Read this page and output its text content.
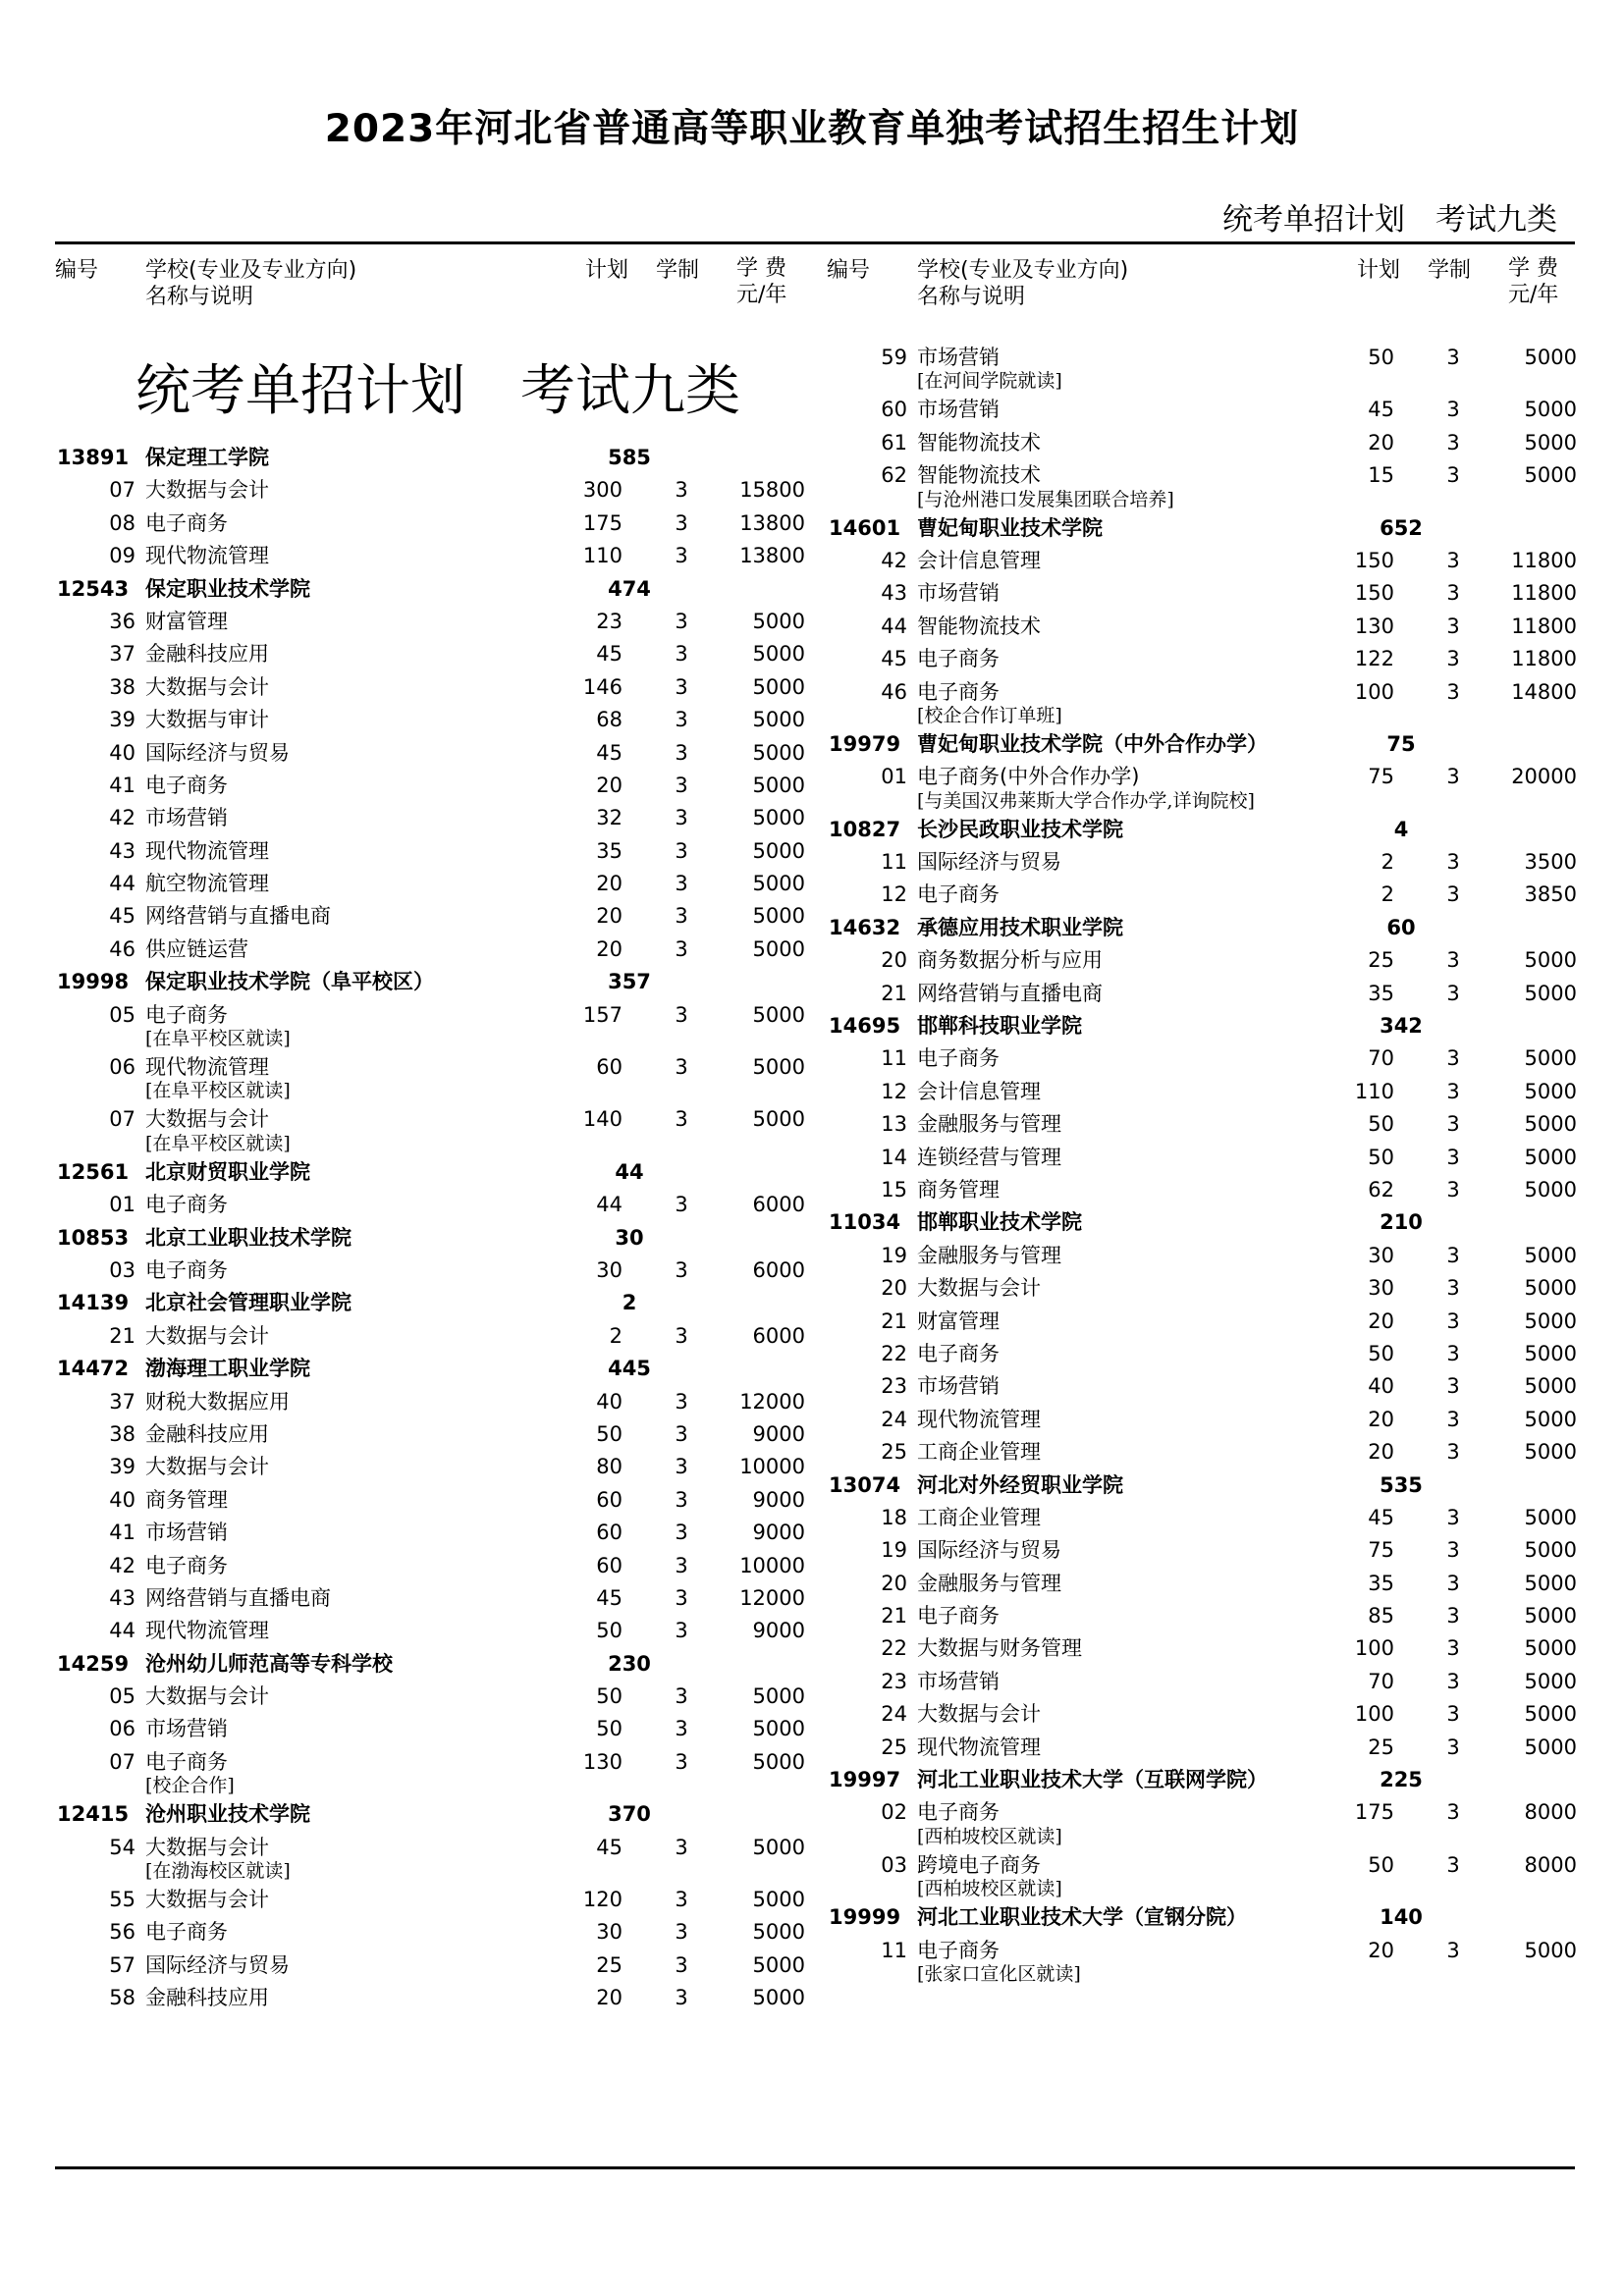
2023年河北省普通高等职业教育单独考试招生招生计划
统考单招计划　考试九类
编号 学校(专业及专业方向)
名称与说明
计划 学制 学 费
元/年
统考单招计划　考试九类
13891 保定理工学院	585
07 大数据与会计	300	3	15800
08 电子商务	175	3	13800
09 现代物流管理	110	3	13800
12543 保定职业技术学院	474
36 财富管理	23	3	5000
37 金融科技应用	45	3	5000
38 大数据与会计	146	3	5000
39 大数据与审计	68	3	5000
40 国际经济与贸易	45	3	5000
41 电子商务	20	3	5000
42 市场营销	32	3	5000
43 现代物流管理	35	3	5000
44 航空物流管理	20	3	5000
45 网络营销与直播电商	20	3	5000
46 供应链运营	20	3	5000
19998 保定职业技术学院（阜平校区）	357
05 电子商务	157	3	5000
[在阜平校区就读]
06 现代物流管理	60	3	5000
[在阜平校区就读]
07 大数据与会计	140	3	5000
[在阜平校区就读]
12561 北京财贸职业学院	44
01 电子商务	44	3	6000
10853 北京工业职业技术学院	30
03 电子商务	30	3	6000
14139 北京社会管理职业学院	2
21 大数据与会计	2	3	6000
14472 渤海理工职业学院	445
37 财税大数据应用	40	3	12000
38 金融科技应用	50	3	9000
39 大数据与会计	80	3	10000
40 商务管理	60	3	9000
41 市场营销	60	3	9000
42 电子商务	60	3	10000
43 网络营销与直播电商	45	3	12000
44 现代物流管理	50	3	9000
14259 沧州幼儿师范高等专科学校	230
05 大数据与会计	50	3	5000
06 市场营销	50	3	5000
07 电子商务	130	3	5000
[校企合作]
12415 沧州职业技术学院	370
54 大数据与会计	45	3	5000
[在渤海校区就读]
55 大数据与会计	120	3	5000
56 电子商务	30	3	5000
57 国际经济与贸易	25	3	5000
58 金融科技应用	20	3	5000
编号 学校(专业及专业方向)
名称与说明
计划 学制 学 费
元/年
59 市场营销	50	3	5000
[在河间学院就读]
60 市场营销	45	3	5000
61 智能物流技术	20	3	5000
62 智能物流技术	15	3	5000
[与沧州港口发展集团联合培养]
14601 曹妃甸职业技术学院	652
42 会计信息管理	150	3	11800
43 市场营销	150	3	11800
44 智能物流技术	130	3	11800
45 电子商务	122	3	11800
46 电子商务	100	3	14800
[校企合作订单班]
19979 曹妃甸职业技术学院（中外合作办学）	75
01 电子商务(中外合作办学)	75	3	20000
[与美国汉弗莱斯大学合作办学,详询院校]
10827 长沙民政职业技术学院	4
11 国际经济与贸易	2	3	3500
12 电子商务	2	3	3850
14632 承德应用技术职业学院	60
20 商务数据分析与应用	25	3	5000
21 网络营销与直播电商	35	3	5000
14695 邯郸科技职业学院	342
11 电子商务	70	3	5000
12 会计信息管理	110	3	5000
13 金融服务与管理	50	3	5000
14 连锁经营与管理	50	3	5000
15 商务管理	62	3	5000
11034 邯郸职业技术学院	210
19 金融服务与管理	30	3	5000
20 大数据与会计	30	3	5000
21 财富管理	20	3	5000
22 电子商务	50	3	5000
23 市场营销	40	3	5000
24 现代物流管理	20	3	5000
25 工商企业管理	20	3	5000
13074 河北对外经贸职业学院	535
18 工商企业管理	45	3	5000
19 国际经济与贸易	75	3	5000
20 金融服务与管理	35	3	5000
21 电子商务	85	3	5000
22 大数据与财务管理	100	3	5000
23 市场营销	70	3	5000
24 大数据与会计	100	3	5000
25 现代物流管理	25	3	5000
19997 河北工业职业技术大学（互联网学院）	225
02 电子商务	175	3	8000
[西柏坡校区就读]
03 跨境电子商务	50	3	8000
[西柏坡校区就读]
19999 河北工业职业技术大学（宣钢分院）	140
11 电子商务	20	3	5000
[张家口宣化区就读]
